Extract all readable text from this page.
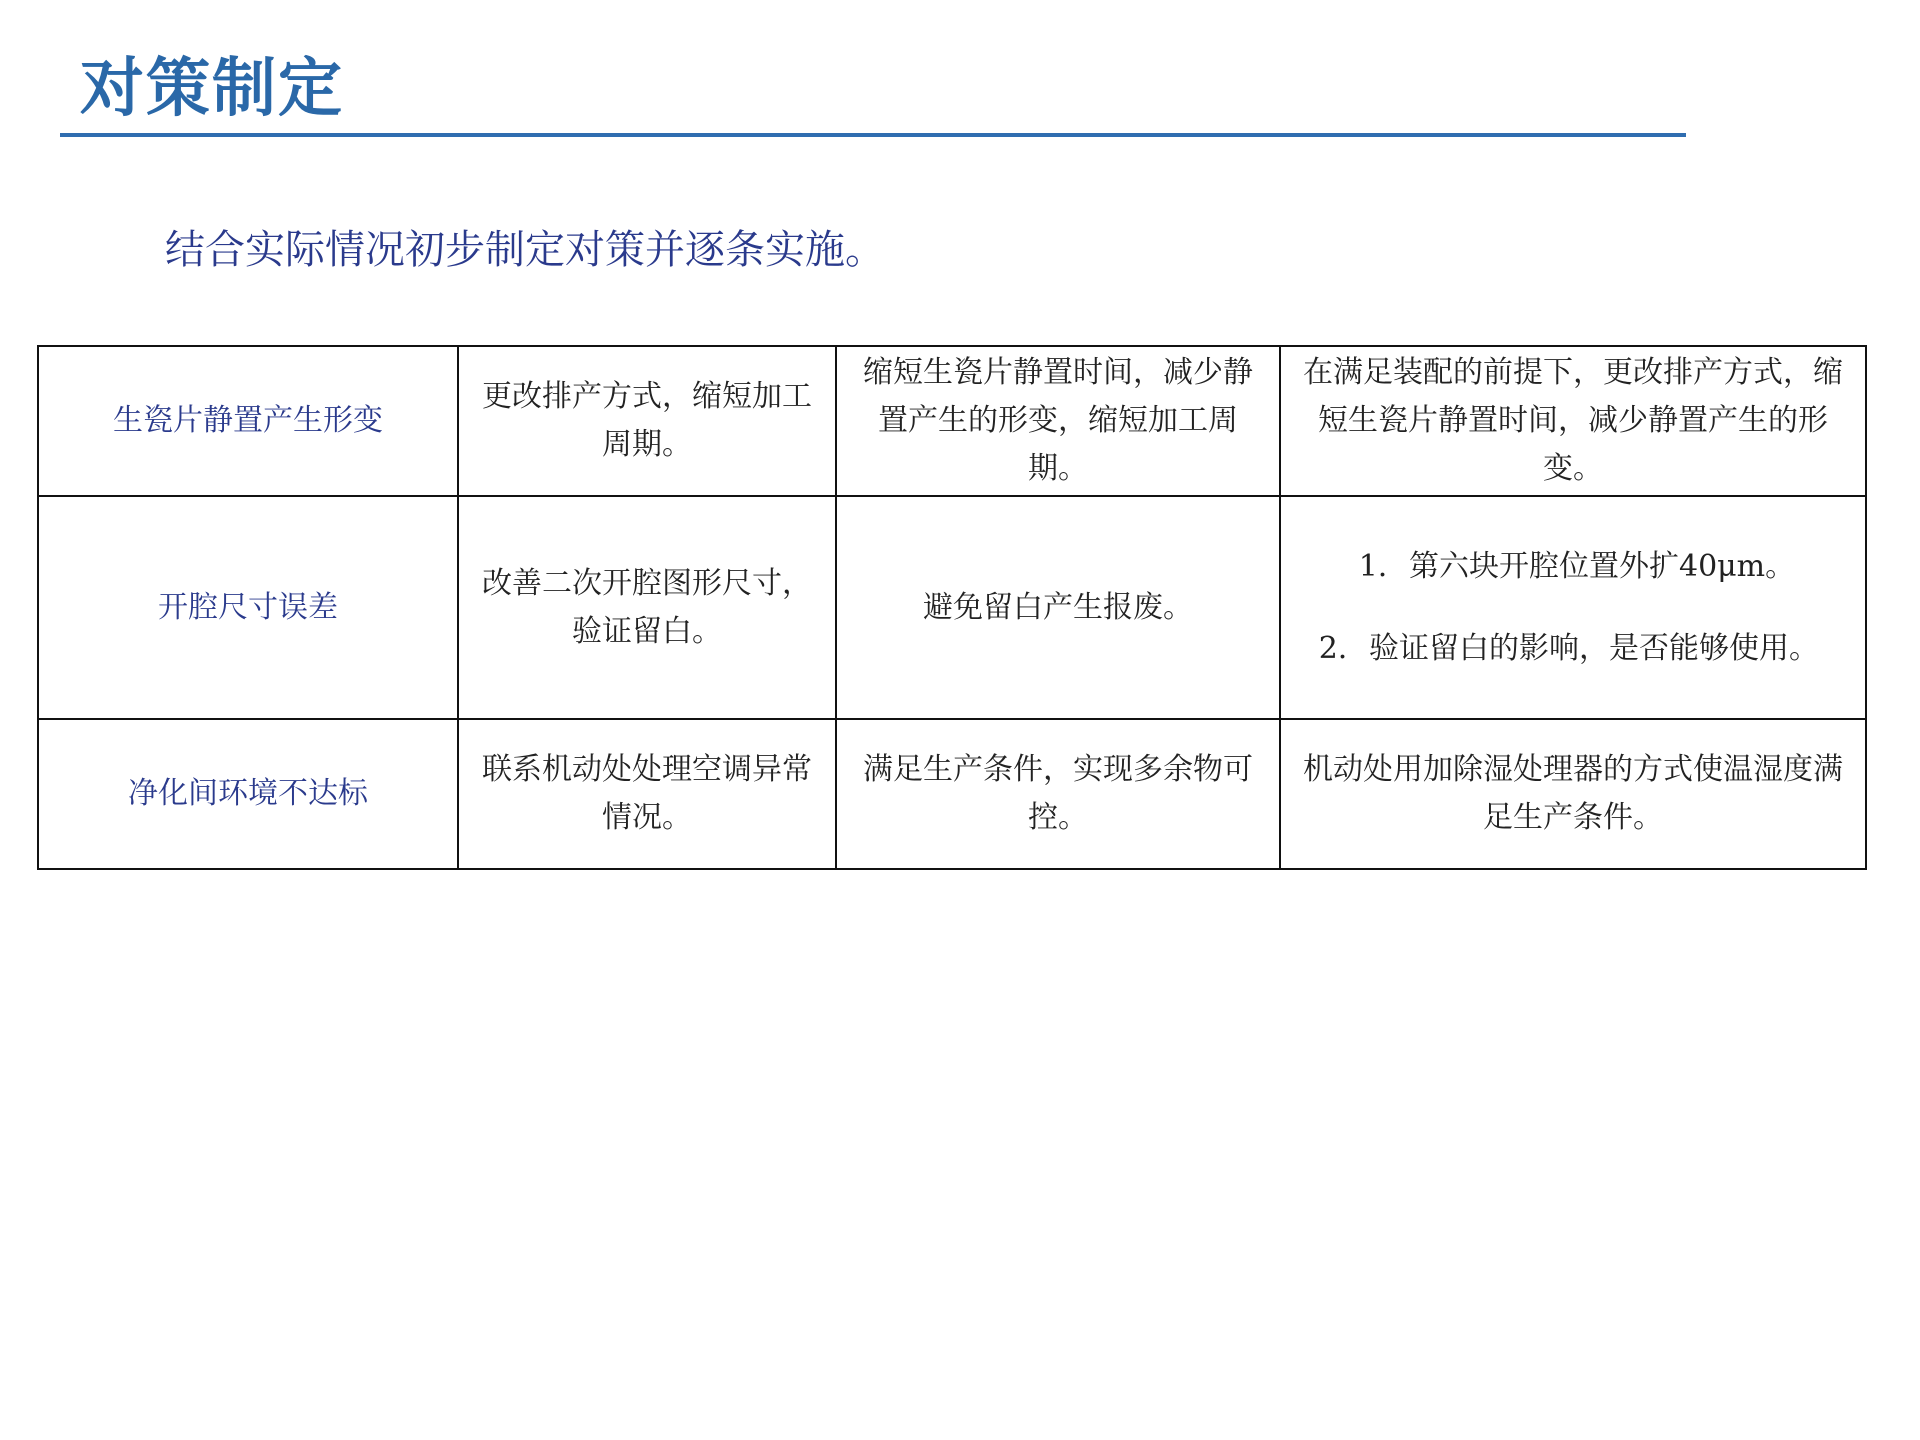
对策制定
结合实际情况初步制定对策并逐条实施。
生瓷片静置产生形变	更改排产方式，缩短加工周期。	缩短生瓷片静置时间，减少静置产生的形变，缩短加工周期。	在满足装配的前提下，更改排产方式，缩短生瓷片静置时间，减少静置产生的形变。
开腔尺寸误差	改善二次开腔图形尺寸，验证留白。	避免留白产生报废。	1. 第六块开腔位置外扩40μm。
2. 验证留白的影响，是否能够使用。

净化间环境不达标	联系机动处处理空调异常情况。	满足生产条件，实现多余物可控。	机动处用加除湿处理器的方式使温湿度满足生产条件。
